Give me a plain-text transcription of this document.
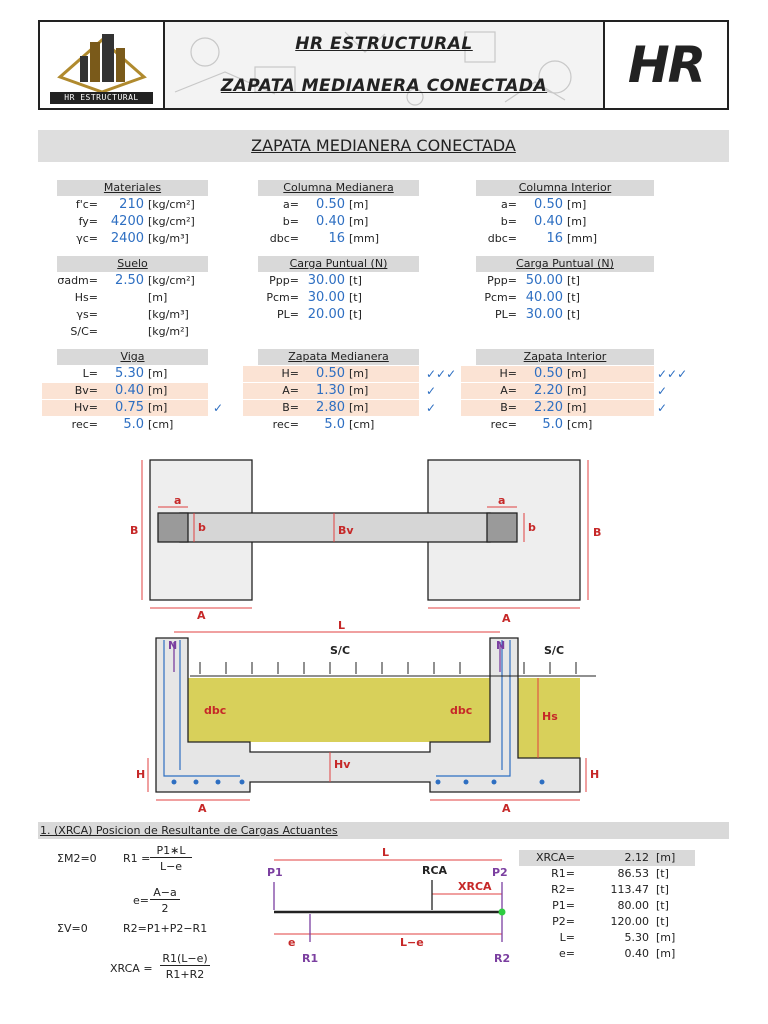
HR ESTRUCTURAL
HR ESTRUCTURAL
ZAPATA MEDIANERA CONECTADA	HR
ZAPATA MEDIANERA CONECTADA
Materiales
f'c=	210 [kg/cm²]
fy= 4200 [kg/cm²]
γc= 2400 [kg/m³]
Columna Medianera
a=	0.50 [m]
b=	0.40 [m]
dbc=	16 [mm]
Columna Interior
a=	0.50 [m]
b=	0.40 [m]
dbc=	16 [mm]
Suelo
σadm=	2.50 [kg/cm²]
Hs=	[m]
γs=	[kg/m³]
S/C=	[kg/m²]
Carga Puntual (N)
Ppp= 30.00 [t]
Pcm= 30.00 [t]
PL= 20.00 [t]
Carga Puntual (N)
Ppp= 50.00 [t]
Pcm= 40.00 [t]
PL= 30.00 [t]
Viga
L=	5.30 [m]
Bv=	0.40 [m]
Hv=	0.75 [m]	✓
rec=	5.0 [cm]
Zapata Medianera
H=	0.50 [m]	✓✓✓
A=	1.30 [m]	✓
B=	2.80 [m]	✓
rec=	5.0 [cm]
Zapata Interior
H=	0.50 [m]	✓✓✓
A=	2.20 [m]	✓
B=	2.20 [m]	✓
rec=	5.0 [cm]
a	a
b	b
B	B
Bv
A	A
L
N	N
S/C	S/C
dbc	dbc	Hs
Hv
H	H
A	A
1. (XRCA) Posicion de Resultante de Cargas Actuantes
ΣM2=0 R1 =
P1∗L
L−e
e=
A−a
2
ΣV=0	R2=P1+P2−R1
XRCA =
R1(L−e)
R1+R2
L
P1	P2
RCA
XRCA
e	L−e
R1	R2
XRCA=	2.12 [m]
R1=	86.53 [t]
R2=	113.47 [t]
P1=	80.00 [t]
P2=	120.00 [t]
L=	5.30 [m]
e=	0.40 [m]
